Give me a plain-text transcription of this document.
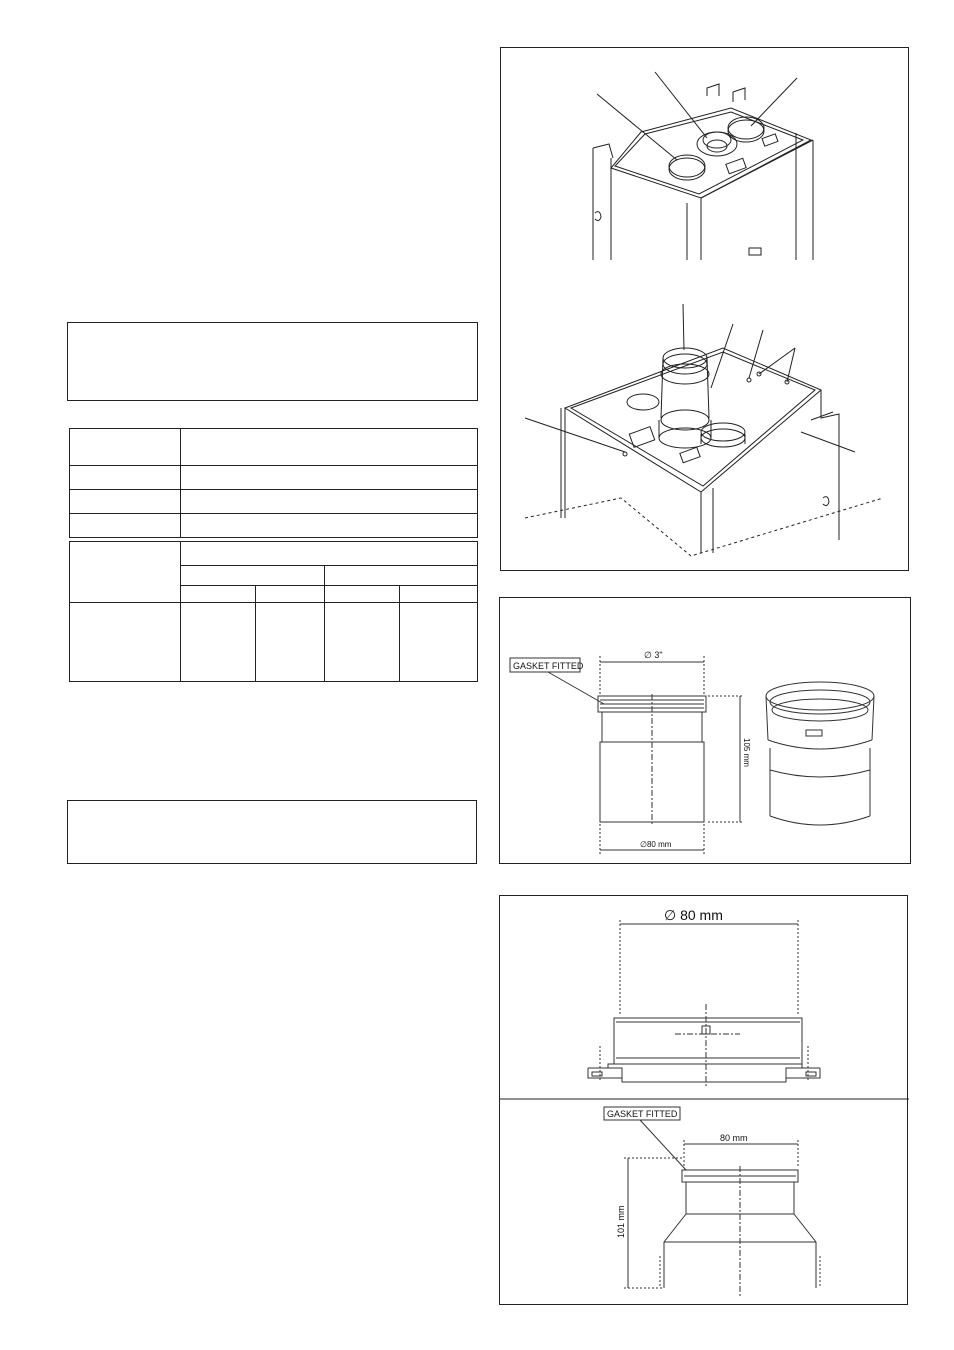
GASKET FITTED
∅ 3"
105 mm
∅80 mm
∅ 80 mm
GASKET FITTED
80 mm
101 mm
